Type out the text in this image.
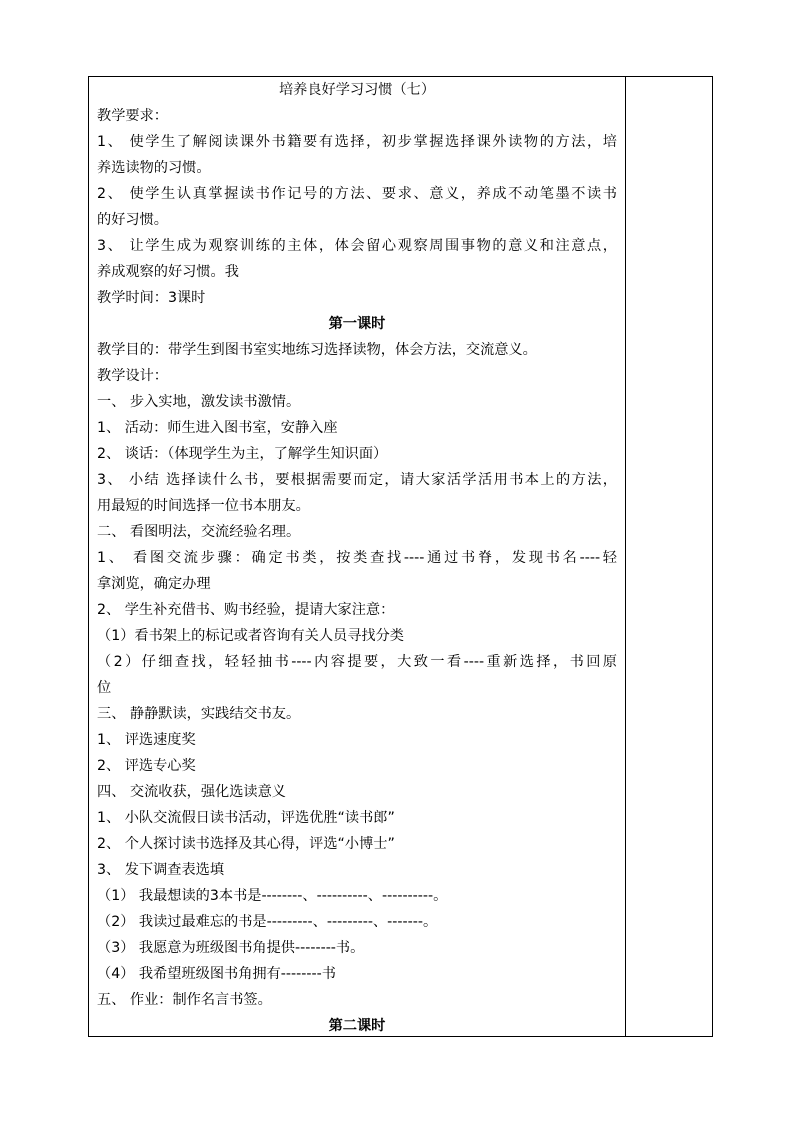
培养良好学习习惯（七）
教学要求：
1、 使学生了解阅读课外书籍要有选择，初步掌握选择课外读物的方法，培
养选读物的习惯。
2、 使学生认真掌握读书作记号的方法、要求、意义，养成不动笔墨不读书
的好习惯。
3、 让学生成为观察训练的主体，体会留心观察周围事物的意义和注意点，
养成观察的好习惯。我
教学时间：3课时
第一课时
教学目的：带学生到图书室实地练习选择读物，体会方法，交流意义。
教学设计：
一、 步入实地，激发读书激情。
1、 活动：师生进入图书室，安静入座
2、 谈话：（体现学生为主，了解学生知识面）
3、 小结 选择读什么书，要根据需要而定，请大家活学活用书本上的方法，
用最短的时间选择一位书本朋友。
二、 看图明法，交流经验名理。
1、 看图交流步骤：确定书类，按类查找----通过书脊，发现书名----轻
拿浏览，确定办理
2、 学生补充借书、购书经验，提请大家注意：
（1）看书架上的标记或者咨询有关人员寻找分类
（2）仔细查找，轻轻抽书----内容提要，大致一看----重新选择，书回原
位
三、 静静默读，实践结交书友。
1、 评选速度奖
2、 评选专心奖
四、 交流收获，强化选读意义
1、 小队交流假日读书活动，评选优胜“读书郎”
2、 个人探讨读书选择及其心得，评选“小博士”
3、 发下调查表选填
（1） 我最想读的3本书是--------、----------、----------。
（2） 我读过最难忘的书是---------、---------、-------。
（3） 我愿意为班级图书角提供--------书。
（4） 我希望班级图书角拥有--------书
五、 作业：制作名言书签。
第二课时
